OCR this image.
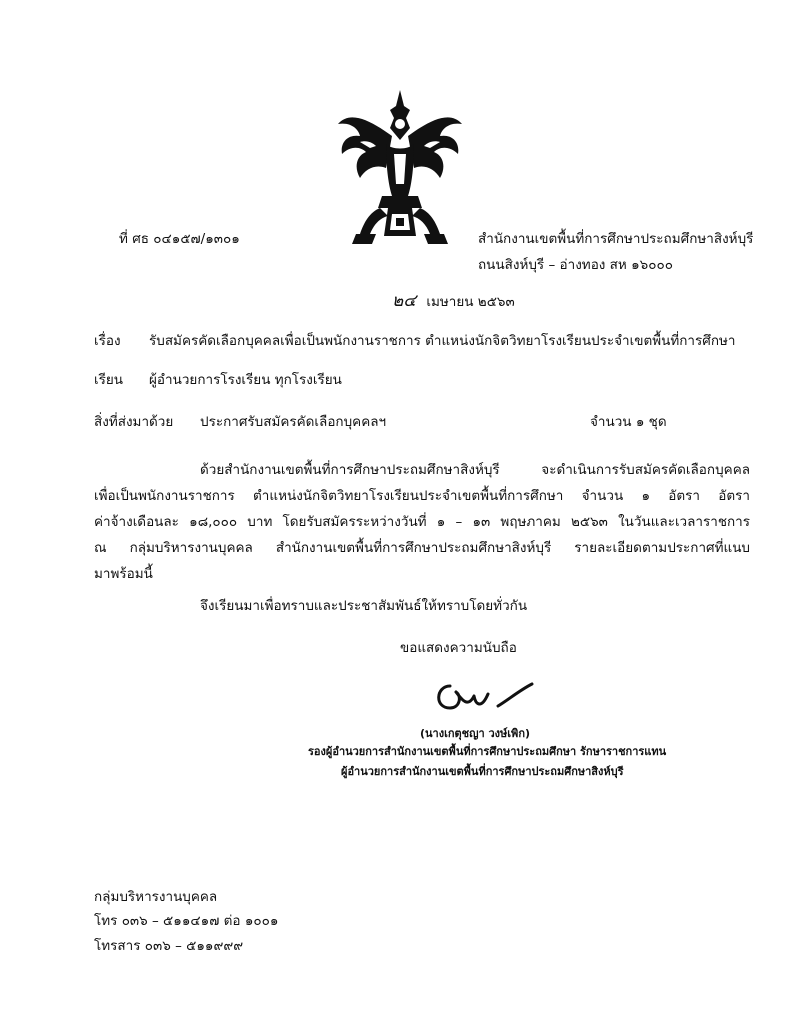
ที่ ศธ ๐๔๑๕๗/๑๓๐๑	สำนักงานเขตพื้นที่การศึกษาประถมศึกษาสิงห์บุรี
ถนนสิงห์บุรี – อ่างทอง สห ๑๖๐๐๐
๒๔ เมษายน ๒๕๖๓
เรื่อง รับสมัครคัดเลือกบุคคลเพื่อเป็นพนักงานราชการ ตำแหน่งนักจิตวิทยาโรงเรียนประจำเขตพื้นที่การศึกษา
เรียน ผู้อำนวยการโรงเรียน ทุกโรงเรียน
สิ่งที่ส่งมาด้วย ประกาศรับสมัครคัดเลือกบุคคลฯ	จำนวน ๑ ชุด
ด้วยสำนักงานเขตพื้นที่การศึกษาประถมศึกษาสิงห์บุรี จะดำเนินการรับสมัครคัดเลือกบุคคล
เพื่อเป็นพนักงานราชการ ตำแหน่งนักจิตวิทยาโรงเรียนประจำเขตพื้นที่การศึกษา จำนวน ๑ อัตรา อัตรา
ค่าจ้างเดือนละ ๑๘,๐๐๐ บาท โดยรับสมัครระหว่างวันที่ ๑ – ๑๓ พฤษภาคม ๒๕๖๓ ในวันและเวลาราชการ
ณ กลุ่มบริหารงานบุคคล สำนักงานเขตพื้นที่การศึกษาประถมศึกษาสิงห์บุรี รายละเอียดตามประกาศที่แนบ
มาพร้อมนี้
จึงเรียนมาเพื่อทราบและประชาสัมพันธ์ให้ทราบโดยทั่วกัน
ขอแสดงความนับถือ
(นางเกตุชญา วงษ์เพิก)
รองผู้อำนวยการสำนักงานเขตพื้นที่การศึกษาประถมศึกษา รักษาราชการแทน
ผู้อำนวยการสำนักงานเขตพื้นที่การศึกษาประถมศึกษาสิงห์บุรี
กลุ่มบริหารงานบุคคล
โทร ๐๓๖ – ๕๑๑๔๑๗ ต่อ ๑๐๐๑
โทรสาร ๐๓๖ – ๕๑๑๙๙๙
